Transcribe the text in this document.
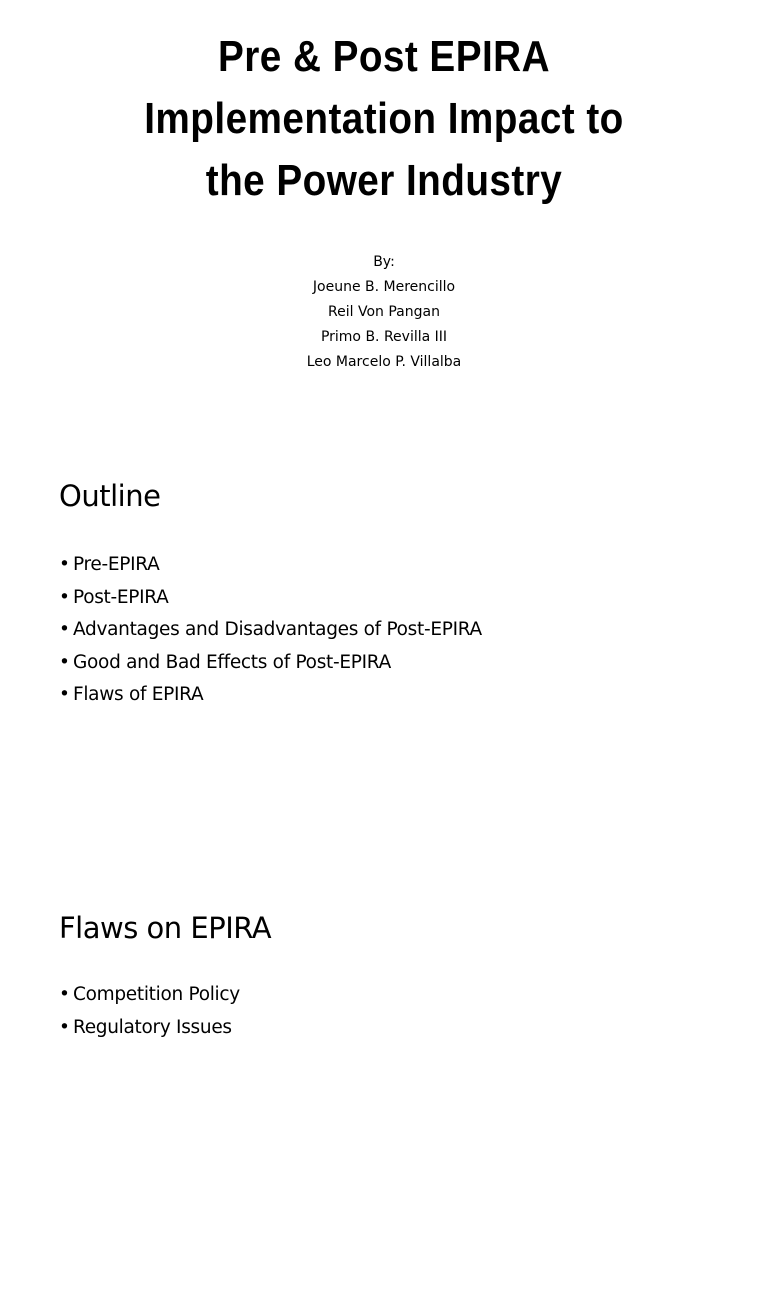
Pre & Post EPIRA
Implementation Impact to
the Power Industry
By:
Joeune B. Merencillo
Reil Von Pangan
Primo B. Revilla III
Leo Marcelo P. Villalba
Outline
• Pre-EPIRA
• Post-EPIRA
• Advantages and Disadvantages of Post-EPIRA
• Good and Bad Effects of Post-EPIRA
• Flaws of EPIRA
Flaws on EPIRA
• Competition Policy
• Regulatory Issues
